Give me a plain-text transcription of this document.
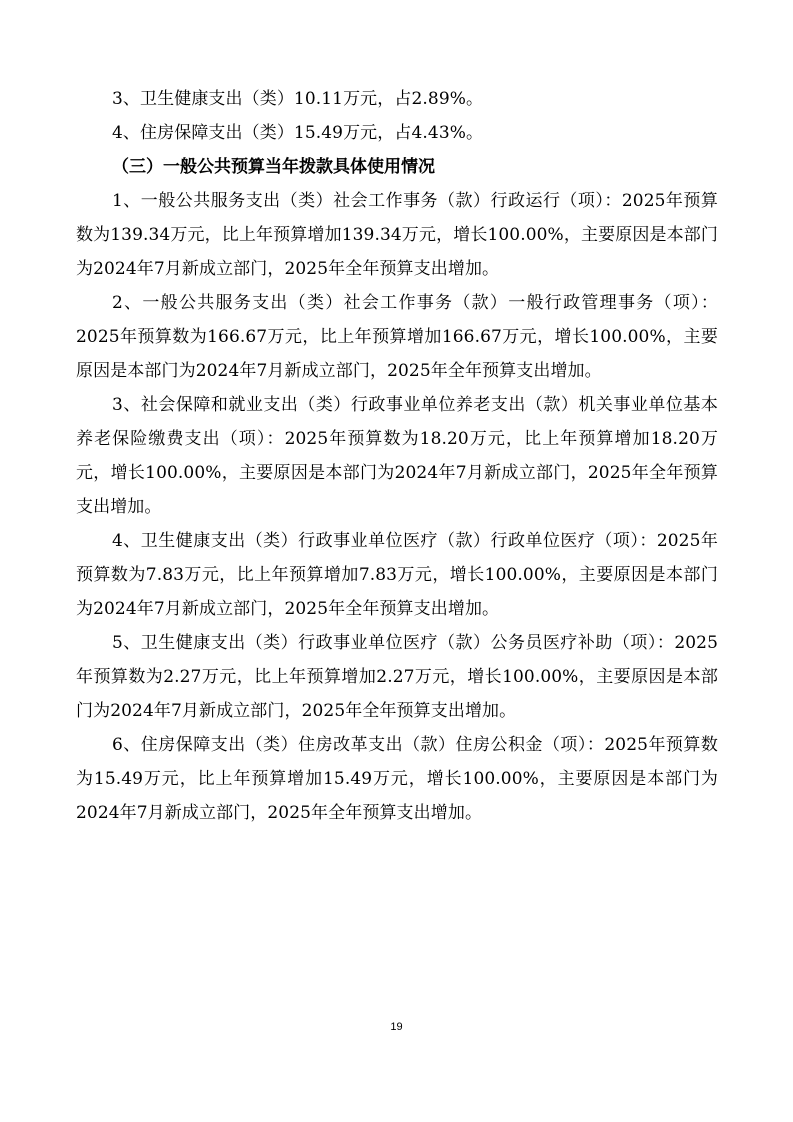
3、卫生健康支出（类）10.11万元，占2.89%。

4、住房保障支出（类）15.49万元，占4.43%。

（三）一般公共预算当年拨款具体使用情况

1、一般公共服务支出（类）社会工作事务（款）行政运行（项）：2025年预算数为139.34万元，比上年预算增加139.34万元，增长100.00%，主要原因是本部门为2024年7月新成立部门，2025年全年预算支出增加。

2、一般公共服务支出（类）社会工作事务（款）一般行政管理事务（项）：2025年预算数为166.67万元，比上年预算增加166.67万元，增长100.00%，主要原因是本部门为2024年7月新成立部门，2025年全年预算支出增加。

3、社会保障和就业支出（类）行政事业单位养老支出（款）机关事业单位基本养老保险缴费支出（项）：2025年预算数为18.20万元，比上年预算增加18.20万元，增长100.00%，主要原因是本部门为2024年7月新成立部门，2025年全年预算支出增加。

4、卫生健康支出（类）行政事业单位医疗（款）行政单位医疗（项）：2025年预算数为7.83万元，比上年预算增加7.83万元，增长100.00%，主要原因是本部门为2024年7月新成立部门，2025年全年预算支出增加。

5、卫生健康支出（类）行政事业单位医疗（款）公务员医疗补助（项）：2025年预算数为2.27万元，比上年预算增加2.27万元，增长100.00%，主要原因是本部门为2024年7月新成立部门，2025年全年预算支出增加。

6、住房保障支出（类）住房改革支出（款）住房公积金（项）：2025年预算数为15.49万元，比上年预算增加15.49万元，增长100.00%，主要原因是本部门为2024年7月新成立部门，2025年全年预算支出增加。

19
